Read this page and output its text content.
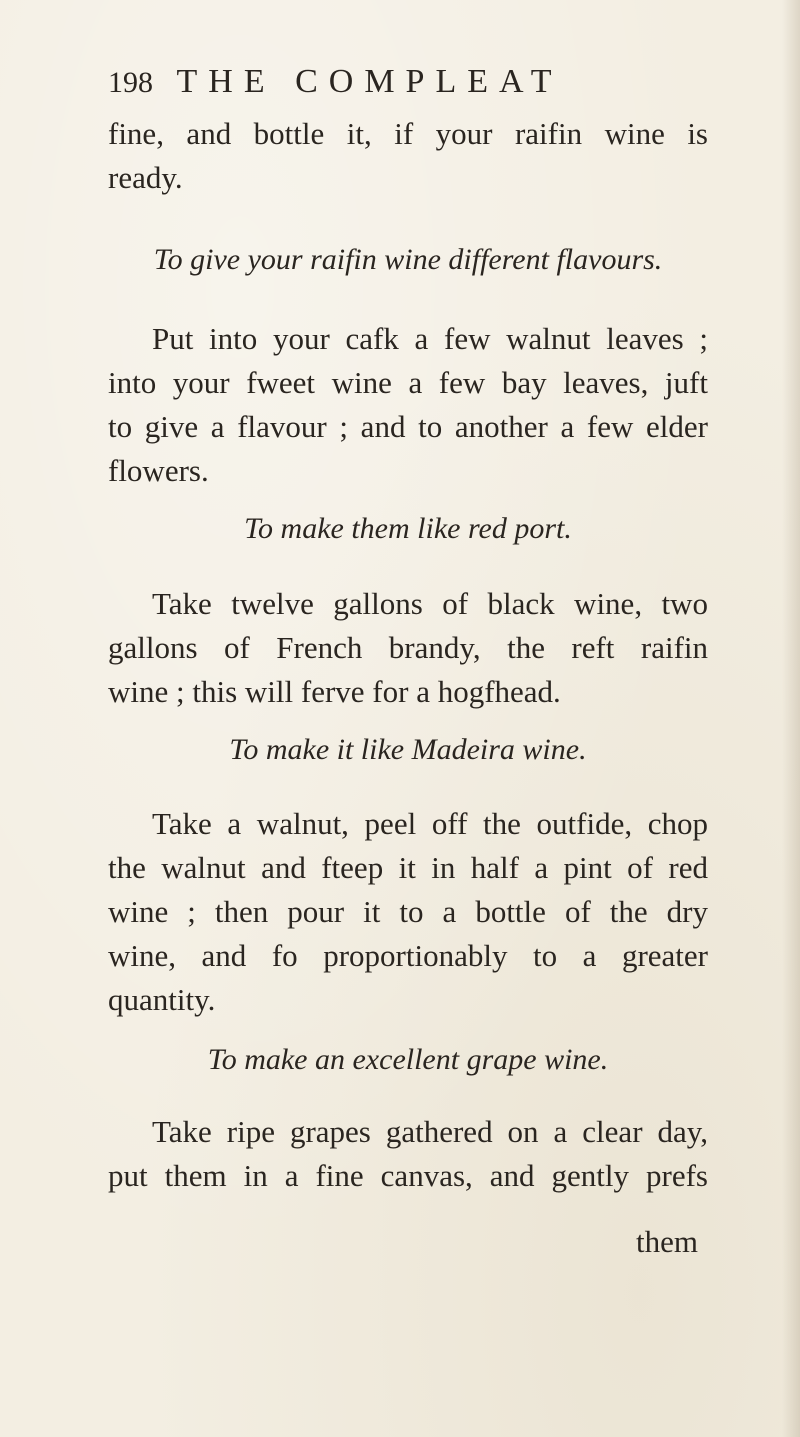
198 THE COMPLEAT
fine, and bottle it, if your raifin wine is
ready.

To give your raifin wine different flavours.

Put into your cafk a few walnut leaves ;
into your fweet wine a few bay leaves, juft
to give a flavour ; and to another a few elder
flowers.

To make them like red port.

Take twelve gallons of black wine, two
gallons of French brandy, the reft raifin
wine ; this will ferve for a hogfhead.

To make it like Madeira wine.

Take a walnut, peel off the outfide, chop
the walnut and fteep it in half a pint of red
wine ; then pour it to a bottle of the dry
wine, and fo proportionably to a greater
quantity.

To make an excellent grape wine.

Take ripe grapes gathered on a clear day,
put them in a fine canvas, and gently prefs
them
